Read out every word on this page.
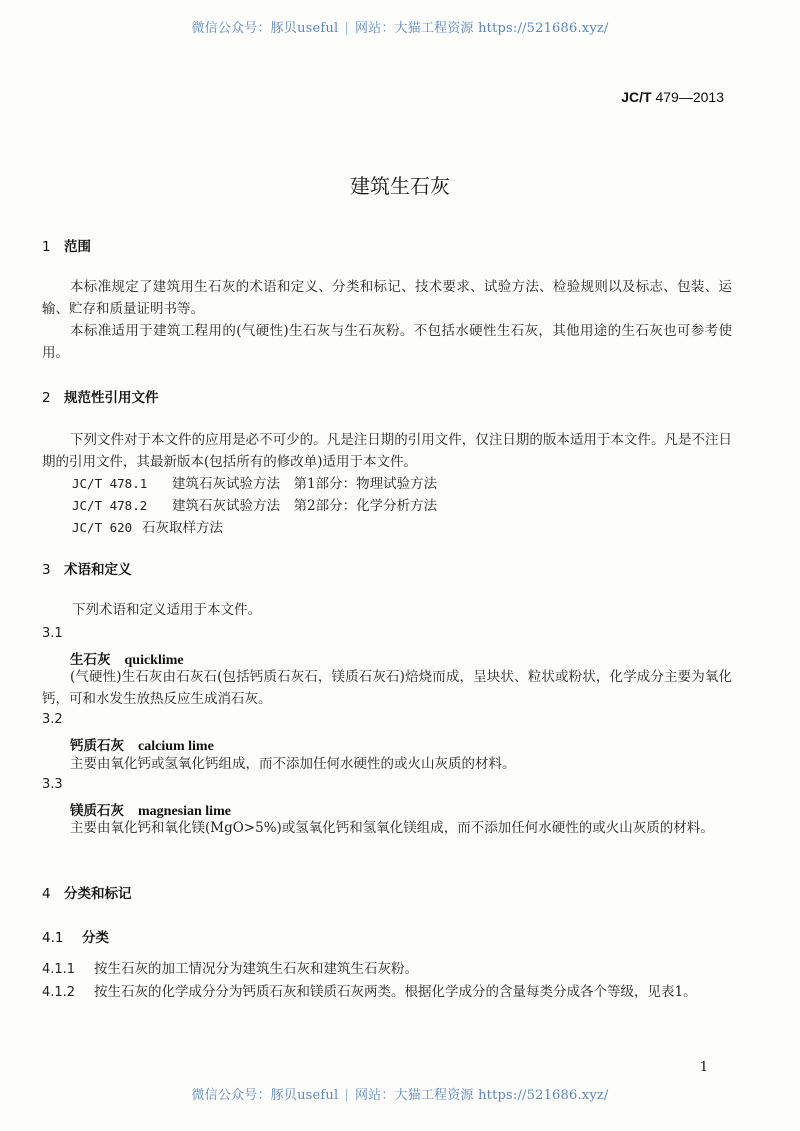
微信公众号：豚贝useful | 网站：大猫工程资源 https://521686.xyz/
JC/T 479—2013
建筑生石灰
1 范围
本标准规定了建筑用生石灰的术语和定义、分类和标记、技术要求、试验方法、检验规则以及标志、包装、运输、贮存和质量证明书等。
本标准适用于建筑工程用的(气硬性)生石灰与生石灰粉。不包括水硬性生石灰，其他用途的生石灰也可参考使用。
2 规范性引用文件
下列文件对于本文件的应用是必不可少的。凡是注日期的引用文件，仅注日期的版本适用于本文件。凡是不注日期的引用文件，其最新版本(包括所有的修改单)适用于本文件。
JC/T 478.1 建筑石灰试验方法　第1部分：物理试验方法
JC/T 478.2 建筑石灰试验方法　第2部分：化学分析方法
JC/T 620 石灰取样方法
3 术语和定义
下列术语和定义适用于本文件。
3.1
生石灰 quicklime
(气硬性)生石灰由石灰石(包括钙质石灰石，镁质石灰石)焙烧而成，呈块状、粒状或粉状，化学成分主要为氧化钙，可和水发生放热反应生成消石灰。
3.2
钙质石灰 calcium lime
主要由氧化钙或氢氧化钙组成，而不添加任何水硬性的或火山灰质的材料。
3.3
镁质石灰 magnesian lime
主要由氧化钙和氧化镁(MgO>5%)或氢氧化钙和氢氧化镁组成，而不添加任何水硬性的或火山灰质的材料。
4 分类和标记
4.1 分类
4.1.1 按生石灰的加工情况分为建筑生石灰和建筑生石灰粉。
4.1.2 按生石灰的化学成分分为钙质石灰和镁质石灰两类。根据化学成分的含量每类分成各个等级，见表1。
1
微信公众号：豚贝useful | 网站：大猫工程资源 https://521686.xyz/
